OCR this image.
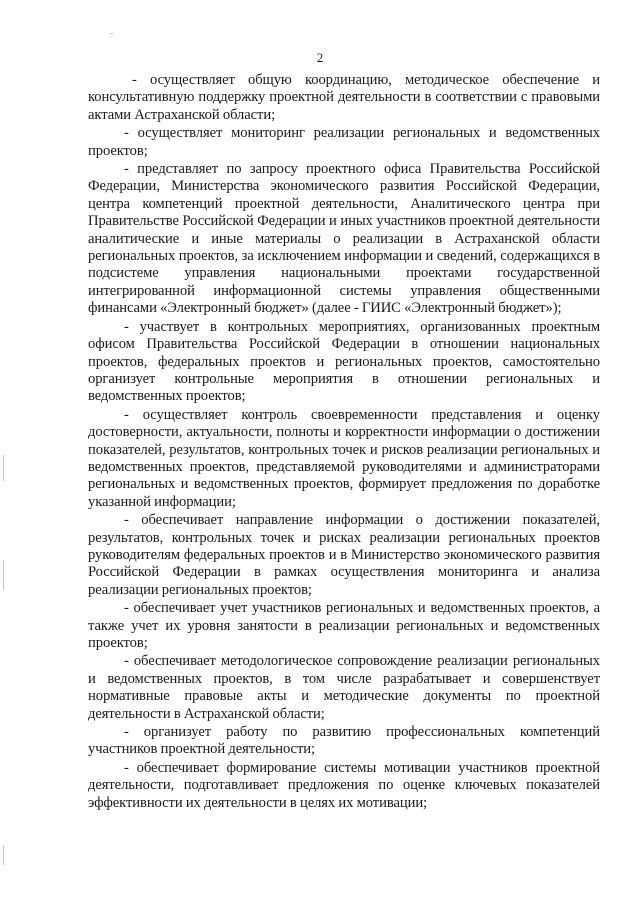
2

- осуществляет общую координацию, методическое обеспечение и консультативную поддержку проектной деятельности в соответствии с правовыми актами Астраханской области;

- осуществляет мониторинг реализации региональных и ведомственных проектов;

- представляет по запросу проектного офиса Правительства Российской Федерации, Министерства экономического развития Российской Федерации, центра компетенций проектной деятельности, Аналитического центра при Правительстве Российской Федерации и иных участников проектной деятельности аналитические и иные материалы о реализации в Астраханской области региональных проектов, за исключением информации и сведений, содержащихся в подсистеме управления национальными проектами государственной интегрированной информационной системы управления общественными финансами «Электронный бюджет» (далее - ГИИС «Электронный бюджет»);

- участвует в контрольных мероприятиях, организованных проектным офисом Правительства Российской Федерации в отношении национальных проектов, федеральных проектов и региональных проектов, самостоятельно организует контрольные мероприятия в отношении региональных и ведомственных проектов;

- осуществляет контроль своевременности представления и оценку достоверности, актуальности, полноты и корректности информации о достижении показателей, результатов, контрольных точек и рисков реализации региональных и ведомственных проектов, представляемой руководителями и администраторами региональных и ведомственных проектов, формирует предложения по доработке указанной информации;

- обеспечивает направление информации о достижении показателей, результатов, контрольных точек и рисках реализации региональных проектов руководителям федеральных проектов и в Министерство экономического развития Российской Федерации в рамках осуществления мониторинга и анализа реализации региональных проектов;

- обеспечивает учет участников региональных и ведомственных проектов, а также учет их уровня занятости в реализации региональных и ведомственных проектов;

- обеспечивает методологическое сопровождение реализации региональных и ведомственных проектов, в том числе разрабатывает и совершенствует нормативные правовые акты и методические документы по проектной деятельности в Астраханской области;

- организует работу по развитию профессиональных компетенций участников проектной деятельности;

- обеспечивает формирование системы мотивации участников проектной деятельности, подготавливает предложения по оценке ключевых показателей эффективности их деятельности в целях их мотивации;
